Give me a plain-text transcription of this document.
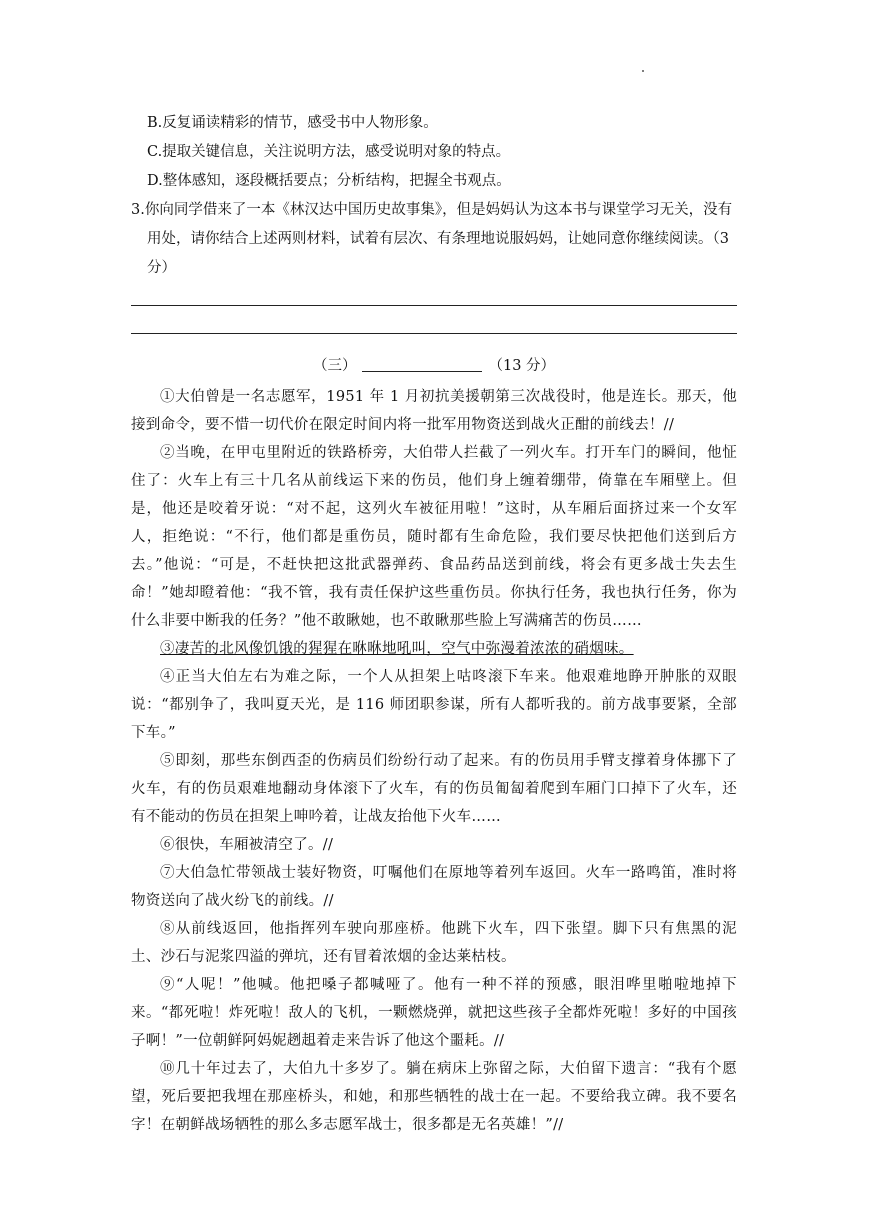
B.反复诵读精彩的情节，感受书中人物形象。
C.提取关键信息，关注说明方法，感受说明对象的特点。
D.整体感知，逐段概括要点；分析结构，把握全书观点。
3.你向同学借来了一本《林汉达中国历史故事集》，但是妈妈认为这本书与课堂学习无关，没有用处，请你结合上述两则材料，试着有层次、有条理地说服妈妈，让她同意你继续阅读。（3分）
（三）	（13 分）

①大伯曾是一名志愿军，1951 年 1 月初抗美援朝第三次战役时，他是连长。那天，他接到命令，要不惜一切代价在限定时间内将一批军用物资送到战火正酣的前线去！//

②当晚，在甲屯里附近的铁路桥旁，大伯带人拦截了一列火车。打开车门的瞬间，他怔住了：火车上有三十几名从前线运下来的伤员，他们身上缠着绷带，倚靠在车厢壁上。但是，他还是咬着牙说：“对不起，这列火车被征用啦！”这时，从车厢后面挤过来一个女军人，拒绝说：“不行，他们都是重伤员，随时都有生命危险，我们要尽快把他们送到后方去。”他说：“可是，不赶快把这批武器弹药、食品药品送到前线，将会有更多战士失去生命！”她却瞪着他：“我不管，我有责任保护这些重伤员。你执行任务，我也执行任务，你为什么非要中断我的任务？”他不敢瞅她，也不敢瞅那些脸上写满痛苦的伤员……

③凄苦的北风像饥饿的猩猩在咻咻地吼叫，空气中弥漫着浓浓的硝烟味。

④正当大伯左右为难之际，一个人从担架上咕咚滚下车来。他艰难地睁开肿胀的双眼说：“都别争了，我叫夏天光，是 116 师团职参谋，所有人都听我的。前方战事要紧，全部下车。”

⑤即刻，那些东倒西歪的伤病员们纷纷行动了起来。有的伤员用手臂支撑着身体挪下了火车，有的伤员艰难地翻动身体滚下了火车，有的伤员匍匐着爬到车厢门口掉下了火车，还有不能动的伤员在担架上呻吟着，让战友抬他下火车……

⑥很快，车厢被清空了。//

⑦大伯急忙带领战士装好物资，叮嘱他们在原地等着列车返回。火车一路鸣笛，准时将物资送向了战火纷飞的前线。//

⑧从前线返回，他指挥列车驶向那座桥。他跳下火车，四下张望。脚下只有焦黑的泥土、沙石与泥浆四溢的弹坑，还有冒着浓烟的金达莱枯枝。

⑨“人呢！”他喊。他把嗓子都喊哑了。他有一种不祥的预感，眼泪哗里啪啦地掉下来。“都死啦！炸死啦！敌人的飞机，一颗燃烧弹，就把这些孩子全都炸死啦！多好的中国孩子啊！”一位朝鲜阿妈妮趔趄着走来告诉了他这个噩耗。//

⑩几十年过去了，大伯九十多岁了。躺在病床上弥留之际，大伯留下遗言：“我有个愿望，死后要把我埋在那座桥头，和她，和那些牺牲的战士在一起。不要给我立碑。我不要名字！在朝鲜战场牺牲的那么多志愿军战士，很多都是无名英雄！”//
